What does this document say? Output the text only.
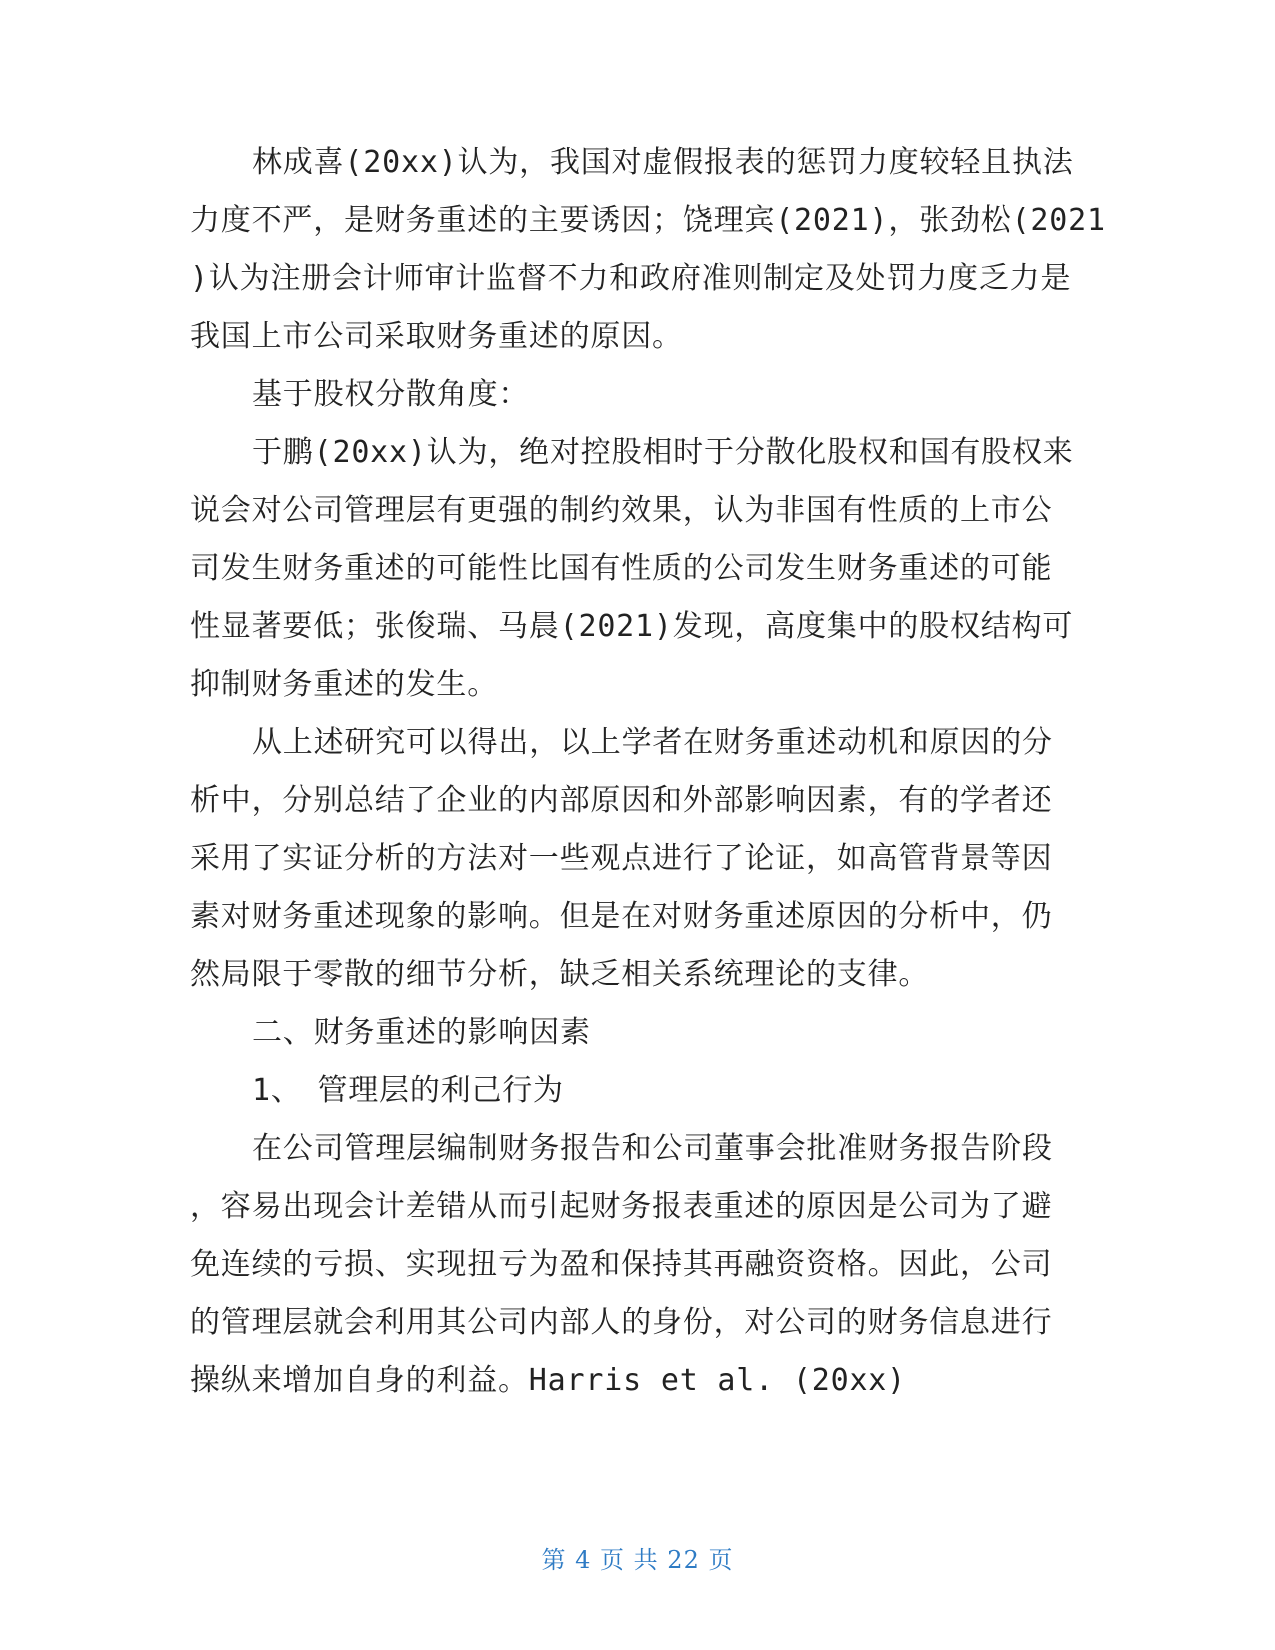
林成喜(20xx)认为，我国对虚假报表的惩罚力度较轻且执法
力度不严，是财务重述的主要诱因；饶理宾(2021)，张劲松(2021
)认为注册会计师审计监督不力和政府准则制定及处罚力度乏力是
我国上市公司采取财务重述的原因。
基于股权分散角度：
于鹏(20xx)认为，绝对控股相时于分散化股权和国有股权来
说会对公司管理层有更强的制约效果，认为非国有性质的上市公
司发生财务重述的可能性比国有性质的公司发生财务重述的可能
性显著要低；张俊瑞、马晨(2021)发现，高度集中的股权结构可
抑制财务重述的发生。
从上述研究可以得出，以上学者在财务重述动机和原因的分
析中，分别总结了企业的内部原因和外部影响因素，有的学者还
采用了实证分析的方法对一些观点进行了论证，如高管背景等因
素对财务重述现象的影响。但是在对财务重述原因的分析中，仍
然局限于零散的细节分析，缺乏相关系统理论的支律。
二、财务重述的影响因素
1、　管理层的利己行为
在公司管理层编制财务报告和公司董事会批准财务报告阶段
，容易出现会计差错从而引起财务报表重述的原因是公司为了避
免连续的亏损、实现扭亏为盈和保持其再融资资格。因此，公司
的管理层就会利用其公司内部人的身份，对公司的财务信息进行
操纵来增加自身的利益。Harris et al. (20xx)
第 4 页 共 22 页
